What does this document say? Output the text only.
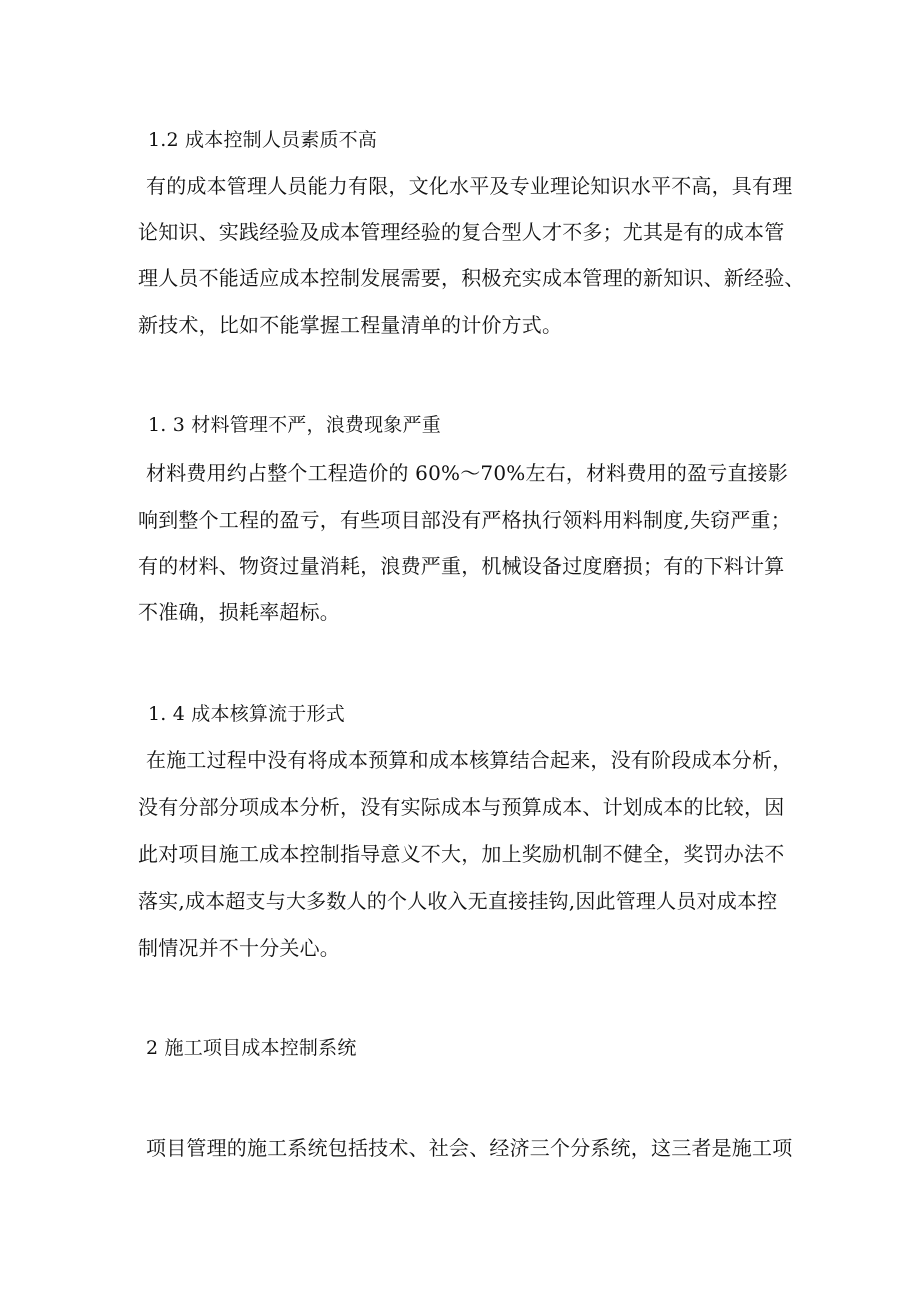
1.2 成本控制人员素质不高
有的成本管理人员能力有限，文化水平及专业理论知识水平不高，具有理
论知识、实践经验及成本管理经验的复合型人才不多；尤其是有的成本管
理人员不能适应成本控制发展需要，积极充实成本管理的新知识、新经验、
新技术，比如不能掌握工程量清单的计价方式。
1. 3 材料管理不严，浪费现象严重
材料费用约占整个工程造价的 60%～70%左右，材料费用的盈亏直接影
响到整个工程的盈亏，有些项目部没有严格执行领料用料制度,失窃严重；
有的材料、物资过量消耗，浪费严重，机械设备过度磨损；有的下料计算
不准确，损耗率超标。
1. 4 成本核算流于形式
在施工过程中没有将成本预算和成本核算结合起来，没有阶段成本分析，
没有分部分项成本分析，没有实际成本与预算成本、计划成本的比较，因
此对项目施工成本控制指导意义不大，加上奖励机制不健全，奖罚办法不
落实,成本超支与大多数人的个人收入无直接挂钩,因此管理人员对成本控
制情况并不十分关心。
2 施工项目成本控制系统
项目管理的施工系统包括技术、社会、经济三个分系统，这三者是施工项
